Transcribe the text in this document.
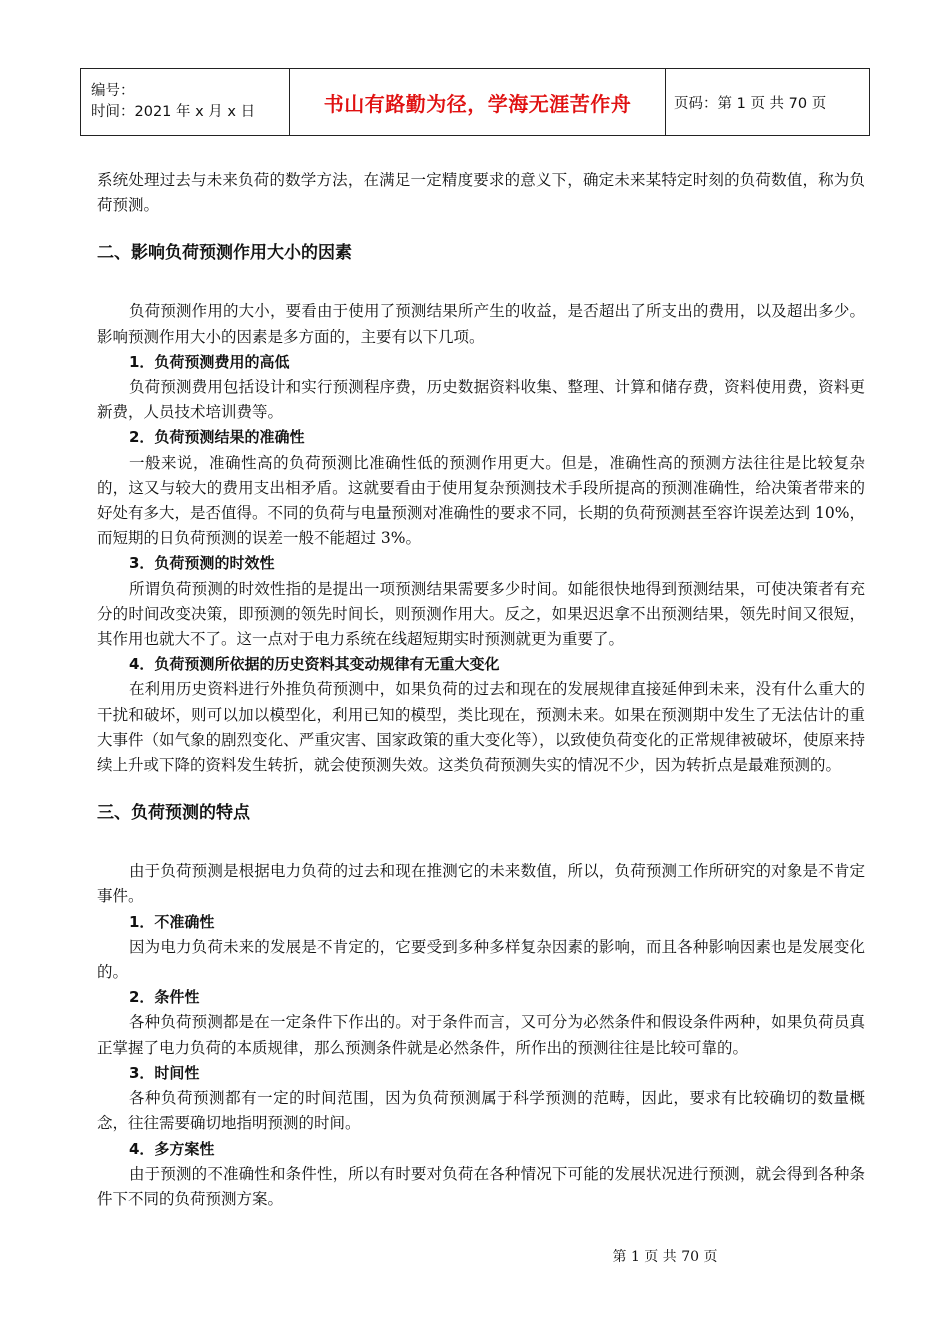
编号：
时间：2021 年 x 月 x 日	书山有路勤为径，学海无涯苦作舟	页码：第 1 页 共 70 页

系统处理过去与未来负荷的数学方法，在满足一定精度要求的意义下，确定未来某特定时刻的负荷数值，称为负荷预测。

二、影响负荷预测作用大小的因素

负荷预测作用的大小，要看由于使用了预测结果所产生的收益，是否超出了所支出的费用，以及超出多少。影响预测作用大小的因素是多方面的，主要有以下几项。

1．负荷预测费用的高低

负荷预测费用包括设计和实行预测程序费，历史数据资料收集、整理、计算和储存费，资料使用费，资料更新费，人员技术培训费等。

2．负荷预测结果的准确性

一般来说，准确性高的负荷预测比准确性低的预测作用更大。但是，准确性高的预测方法往往是比较复杂的，这又与较大的费用支出相矛盾。这就要看由于使用复杂预测技术手段所提高的预测准确性，给决策者带来的好处有多大，是否值得。不同的负荷与电量预测对准确性的要求不同，长期的负荷预测甚至容许误差达到 10%，而短期的日负荷预测的误差一般不能超过 3%。

3．负荷预测的时效性

所谓负荷预测的时效性指的是提出一项预测结果需要多少时间。如能很快地得到预测结果，可使决策者有充分的时间改变决策，即预测的领先时间长，则预测作用大。反之，如果迟迟拿不出预测结果，领先时间又很短，其作用也就大不了。这一点对于电力系统在线超短期实时预测就更为重要了。

4．负荷预测所依据的历史资料其变动规律有无重大变化

在利用历史资料进行外推负荷预测中，如果负荷的过去和现在的发展规律直接延伸到未来，没有什么重大的干扰和破坏，则可以加以模型化，利用已知的模型，类比现在，预测未来。如果在预测期中发生了无法估计的重大事件（如气象的剧烈变化、严重灾害、国家政策的重大变化等），以致使负荷变化的正常规律被破坏，使原来持续上升或下降的资料发生转折，就会使预测失效。这类负荷预测失实的情况不少，因为转折点是最难预测的。

三、负荷预测的特点

由于负荷预测是根据电力负荷的过去和现在推测它的未来数值，所以，负荷预测工作所研究的对象是不肯定事件。

1．不准确性

因为电力负荷未来的发展是不肯定的，它要受到多种多样复杂因素的影响，而且各种影响因素也是发展变化的。

2．条件性

各种负荷预测都是在一定条件下作出的。对于条件而言，又可分为必然条件和假设条件两种，如果负荷员真正掌握了电力负荷的本质规律，那么预测条件就是必然条件，所作出的预测往往是比较可靠的。

3．时间性

各种负荷预测都有一定的时间范围，因为负荷预测属于科学预测的范畴，因此，要求有比较确切的数量概念，往往需要确切地指明预测的时间。

4．多方案性

由于预测的不准确性和条件性，所以有时要对负荷在各种情况下可能的发展状况进行预测，就会得到各种条件下不同的负荷预测方案。

第 1 页 共 70 页
